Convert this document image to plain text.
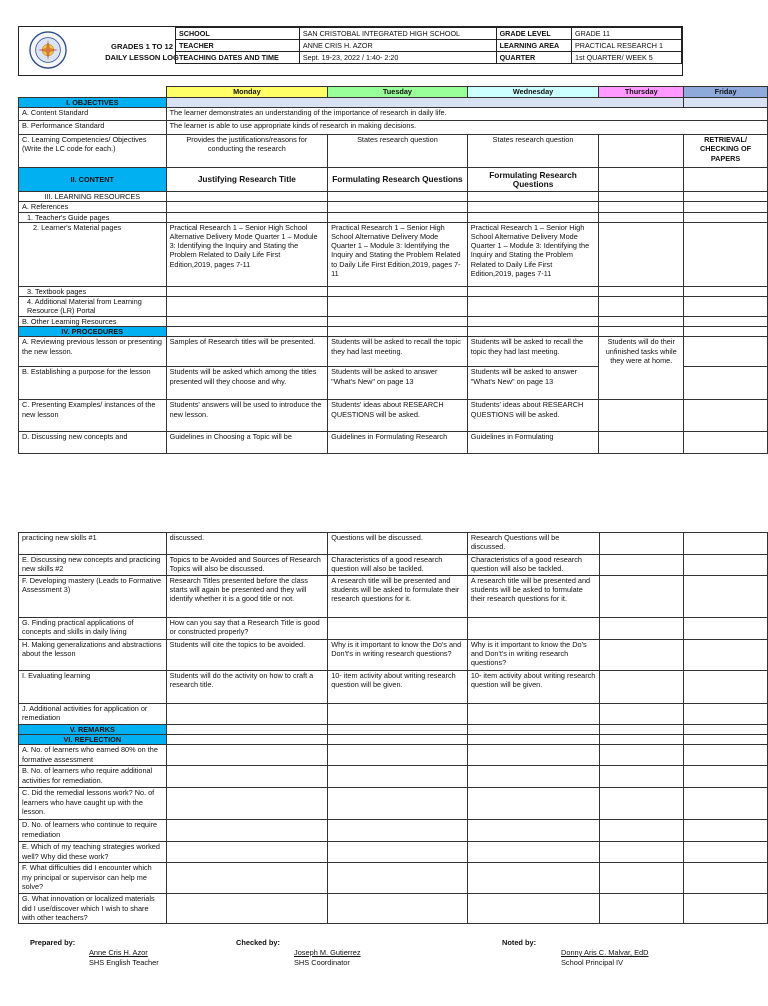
GRADES 1 TO 12
DAILY LESSON LOG
SCHOOL	SAN CRISTOBAL INTEGRATED HIGH SCHOOL	GRADE LEVEL	GRADE 11
TEACHER	ANNE CRIS H. AZOR	LEARNING AREA	PRACTICAL RESEARCH 1
TEACHING DATES AND TIME	Sept. 19-23, 2022 / 1:40- 2:20	QUARTER	1st QUARTER/ WEEK 5

	Monday	Tuesday	Wednesday	Thursday	Friday
I. OBJECTIVES					
A. Content Standard	The learner demonstrates an understanding of the importance of research in daily life.				
B. Performance Standard	The learner is able to use appropriate kinds of research in making decisions.				
C. Learning Competencies/ Objectives (Write the LC code for each.)	Provides the justifications/reasons for conducting the research	States research question	States research question		RETRIEVAL/ CHECKING OF PAPERS
II. CONTENT	Justifying Research Title	Formulating Research Questions	Formulating Research Questions		
III. LEARNING RESOURCES					
A. References					
1. Teacher's Guide pages					
2. Learner's Material pages	Practical Research 1 – Senior High School Alternative Delivery Mode Quarter 1 – Module 3: Identifying the Inquiry and Stating the Problem Related to Daily Life First Edition,2019, pages 7-11	Practical Research 1 – Senior High School Alternative Delivery Mode Quarter 1 – Module 3: Identifying the Inquiry and Stating the Problem Related to Daily Life First Edition,2019, pages 7-11	Practical Research 1 – Senior High School Alternative Delivery Mode Quarter 1 – Module 3: Identifying the Inquiry and Stating the Problem Related to Daily Life First Edition,2019, pages 7-11		
3. Textbook pages					
4. Additional Material from Learning Resource (LR) Portal					
B. Other Learning Resources					
IV. PROCEDURES					
A. Reviewing previous lesson or presenting the new lesson.	Samples of Research titles will be presented.	Students will be asked to recall the topic they had last meeting.	Students will be asked to recall the topic they had last meeting.	Students will do their unfinished tasks while they were at home.	
B. Establishing a purpose for the lesson	Students will be asked which among the titles presented will they choose and why.	Students will be asked to answer "What's New" on page 13	Students will be asked to answer "What's New" on page 13		
C. Presenting Examples/ instances of the new lesson	Students' answers will be used to introduce the new lesson.	Students' ideas about RESEARCH QUESTIONS will be asked.	Students' ideas about RESEARCH QUESTIONS will be asked.		
D. Discussing new concepts and	Guidelines in Choosing a Topic will be	Guidelines in Formulating Research	Guidelines in Formulating		
practicing new skills #1	discussed.	Questions will be discussed.	Research Questions will be discussed.		
E. Discussing new concepts and practicing new skills #2	Topics to be Avoided and Sources of Research Topics will also be discussed.	Characteristics of a good research question will also be tackled.	Characteristics of a good research question will also be tackled.		
F. Developing mastery (Leads to Formative Assessment 3)	Research Titles presented before the class starts will again be presented and they will identify whether it is a good title or not.	A research title will be presented and students will be asked to formulate their research questions for it.	A research title will be presented and students will be asked to formulate their research questions for it.		
G. Finding practical applications of concepts and skills in daily living	How can you say that a Research Title is good or constructed properly?				
H. Making generalizations and abstractions about the lesson	Students will cite the topics to be avoided.	Why is it important to know the Do's and Don't's in writing research questions?	Why is it important to know the Do's and Don't's in writing research questions?		
I. Evaluating learning	Students will do the activity on how to craft a research title.	10- item activity about writing research question will be given.	10- item activity about writing research question will be given.		
J. Additional activities for application or remediation					
V. REMARKS					
VI. REFLECTION					
A. No. of learners who earned 80% on the formative assessment					
B. No. of learners who require additional activities for remediation.					
C. Did the remedial lessons work? No. of learners who have caught up with the lesson.					
D. No. of learners who continue to require remediation					
E. Which of my teaching strategies worked well? Why did these work?					
F. What difficulties did I encounter which my principal or supervisor can help me solve?					
G. What innovation or localized materials did I use/discover which I wish to share with other teachers?					
Prepared by:
Anne Cris H. Azor
SHS English Teacher
Checked by:
Joseph M. Gutierrez
SHS Coordinator
Noted by:
Donny Aris C. Malvar, EdD
School Principal IV
